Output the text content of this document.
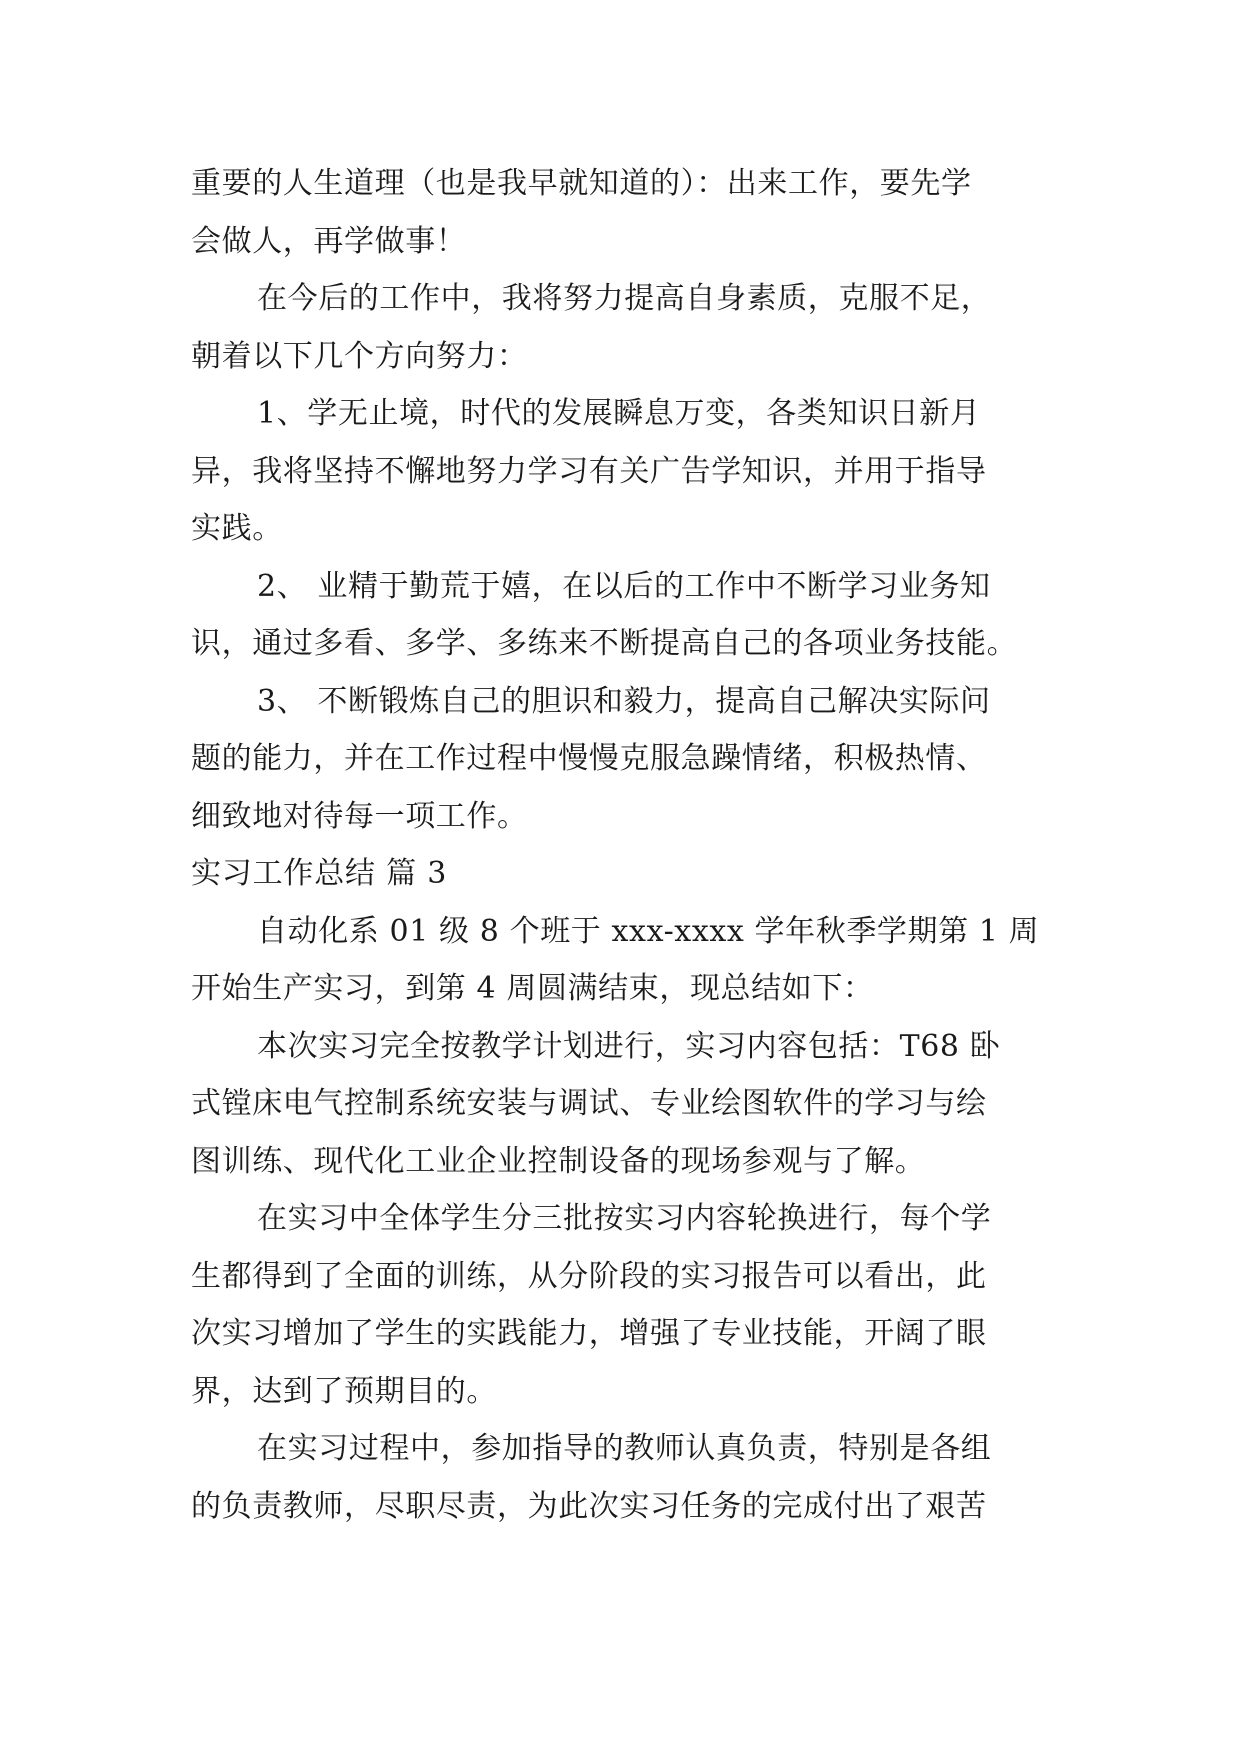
重要的人生道理（也是我早就知道的）：出来工作，要先学
会做人，再学做事！
在今后的工作中，我将努力提高自身素质，克服不足，
朝着以下几个方向努力：
1、学无止境，时代的发展瞬息万变，各类知识日新月
异，我将坚持不懈地努力学习有关广告学知识，并用于指导
实践。
2、 业精于勤荒于嬉，在以后的工作中不断学习业务知
识，通过多看、多学、多练来不断提高自己的各项业务技能。
3、 不断锻炼自己的胆识和毅力，提高自己解决实际问
题的能力，并在工作过程中慢慢克服急躁情绪，积极热情、
细致地对待每一项工作。
实习工作总结 篇 3
自动化系 01 级 8 个班于 xxx-xxxx 学年秋季学期第 1 周
开始生产实习，到第 4 周圆满结束，现总结如下：
本次实习完全按教学计划进行，实习内容包括：T68 卧
式镗床电气控制系统安装与调试、专业绘图软件的学习与绘
图训练、现代化工业企业控制设备的现场参观与了解。
在实习中全体学生分三批按实习内容轮换进行，每个学
生都得到了全面的训练，从分阶段的实习报告可以看出，此
次实习增加了学生的实践能力，增强了专业技能，开阔了眼
界，达到了预期目的。
在实习过程中，参加指导的教师认真负责，特别是各组
的负责教师，尽职尽责，为此次实习任务的完成付出了艰苦
